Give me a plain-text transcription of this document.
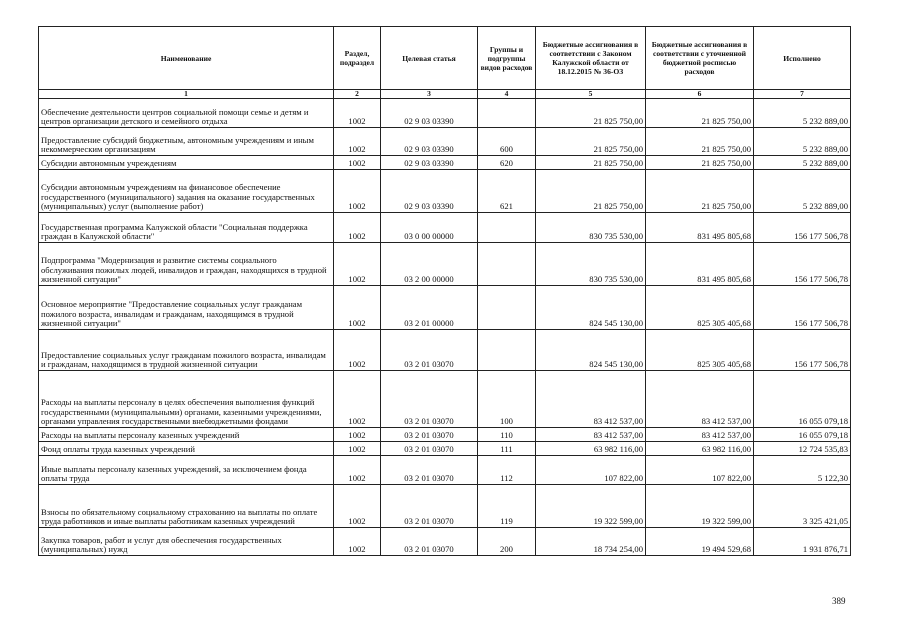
Наименование	Раздел, подраздел	Целевая статья	Группы и подгруппы видов расходов	Бюджетные ассигнования в соответствии с Законом Калужской области от 18.12.2015 № 36-ОЗ	Бюджетные ассигнования в соответствии с уточненной бюджетной росписью расходов	Исполнено
1	2	3	4	5	6	7
Обеспечение деятельности центров социальной помощи семье и детям и центров организации детского и семейного отдыха	1002	02 9 03 03390		21 825 750,00	21 825 750,00	5 232 889,00
Предоставление субсидий бюджетным, автономным учреждениям и иным некоммерческим организациям	1002	02 9 03 03390	600	21 825 750,00	21 825 750,00	5 232 889,00
Субсидии автономным учреждениям	1002	02 9 03 03390	620	21 825 750,00	21 825 750,00	5 232 889,00
Субсидии автономным учреждениям на финансовое обеспечение государственного (муниципального) задания на оказание государственных (муниципальных) услуг (выполнение работ)	1002	02 9 03 03390	621	21 825 750,00	21 825 750,00	5 232 889,00
Государственная программа Калужской области "Социальная поддержка граждан в Калужской области"	1002	03 0 00 00000		830 735 530,00	831 495 805,68	156 177 506,78
Подпрограмма "Модернизация и развитие системы социального обслуживания пожилых людей, инвалидов и граждан, находящихся в трудной жизненной ситуации"	1002	03 2 00 00000		830 735 530,00	831 495 805,68	156 177 506,78
Основное мероприятие "Предоставление социальных услуг гражданам пожилого возраста, инвалидам и гражданам, находящимся в трудной жизненной ситуации"	1002	03 2 01 00000		824 545 130,00	825 305 405,68	156 177 506,78
Предоставление социальных услуг гражданам пожилого возраста, инвалидам и гражданам, находящимся в трудной жизненной ситуации	1002	03 2 01 03070		824 545 130,00	825 305 405,68	156 177 506,78
Расходы на выплаты персоналу в целях обеспечения выполнения функций государственными (муниципальными) органами, казенными учреждениями, органами управления государственными внебюджетными фондами	1002	03 2 01 03070	100	83 412 537,00	83 412 537,00	16 055 079,18
Расходы на выплаты персоналу казенных учреждений	1002	03 2 01 03070	110	83 412 537,00	83 412 537,00	16 055 079,18
Фонд оплаты труда казенных учреждений	1002	03 2 01 03070	111	63 982 116,00	63 982 116,00	12 724 535,83
Иные выплаты персоналу казенных учреждений, за исключением фонда оплаты труда	1002	03 2 01 03070	112	107 822,00	107 822,00	5 122,30
Взносы по обязательному социальному страхованию на выплаты по оплате труда работников и иные выплаты работникам казенных учреждений	1002	03 2 01 03070	119	19 322 599,00	19 322 599,00	3 325 421,05
Закупка товаров, работ и услуг для обеспечения государственных (муниципальных) нужд	1002	03 2 01 03070	200	18 734 254,00	19 494 529,68	1 931 876,71
389
